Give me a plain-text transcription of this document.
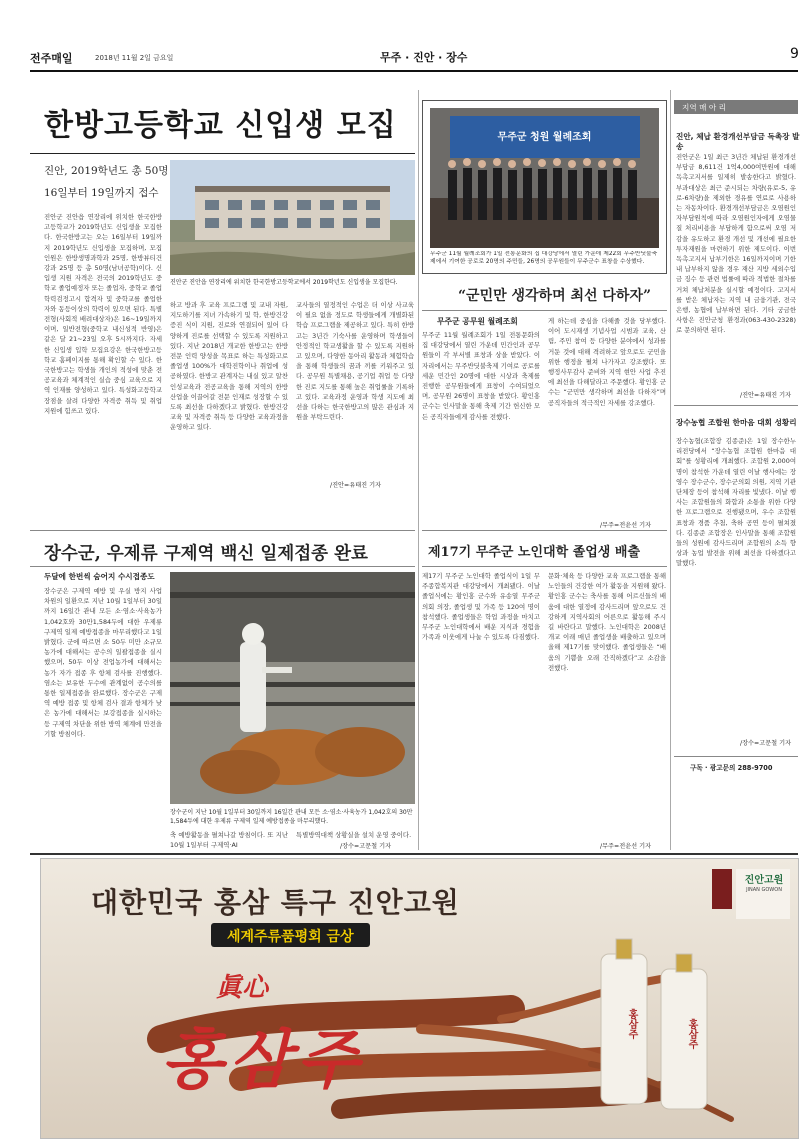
전주매일	2018년 11월 2일 금요일	무주 · 진안 · 장수	9
한방고등학교 신입생 모집
진안, 2019학년도 총 50명
16일부터 19일까지 접수
진안군 진안읍 연장리에 위치한 한국한방고등학교에서 2019학년도 신입생을 모집한다.
진안군 진안읍 연장리에 위치한 한국한방고등학교가 2019학년도 신입생을 모집한다. 한국한방고는 오는 16일부터 19일까지 2019학년도 신입생을 모집하며, 모집인원은 한방생명과학과 25명, 한방뷰티건강과 25명 등 총 50명(남녀공학)이다. 신입생 지원 자격은 전국의 2019학년도 중학교 졸업예정자 또는 졸업자, 중학교 졸업학력검정고시 합격자 및 중학교를 졸업한자와 동등이상의 학력이 있으면 된다. 특별전형(사회적 배려대상자)은 16~19일까지이며, 일반전형(중학교 내신성적 반영)은 같은 달 21~23일 오후 5시까지다. 자세한 신입생 입학 모집요강은 한국한방고등학교 홈페이지를 통해 확인할 수 있다. 한국한방고는 학생들 개인의 적성에 맞춘 전공교육과 체계적인 실습 중심 교육으로 지역 인재를 양성하고 있다. 특성화고등학교 장점을 살려 다양한 자격증 취득 및 취업 지원에 힘쓰고 있다.
하고 방과 후 교육 프로그램 및 교내 자원, 지도하기를 지녀 가속하기 및 학, 한방건강 증진 식이 지원, 진로와 연결되어 있어 다양하게 진로를 선택할 수 있도록 지원하고 있다. 지난 2018년 개교한 한방고는 한방 전문 인력 양성을 목표로 하는 특성화고로 졸업생 100%가 대학진학이나 취업에 성공하였다. 한방고 관계자는 내실 있고 알찬 인성교육과 전공교육을 통해 지역의 한방 산업을 이끌어갈 전문 인재로 성장할 수 있도록 최선을 다하겠다고 밝혔다. 한방건강교육 및 자격증 취득 등 다양한 교육과정을 운영하고 있다.
교사들의 열정적인 수업은 더 이상 사교육이 필요 없을 정도로 학생들에게 개별화된 학습 프로그램을 제공하고 있다. 특히 한방고는 3년간 기숙사를 운영하며 학생들이 안정적인 학교생활을 할 수 있도록 지원하고 있으며, 다양한 동아리 활동과 체험학습을 통해 학생들의 꿈과 끼를 키워주고 있다. 공무원 특별채용, 공기업 취업 등 다양한 진로 지도를 통해 높은 취업률을 기록하고 있다. 교육과정 운영과 학생 지도에 최선을 다하는 한국한방고의 많은 관심과 지원을 부탁드린다.
/진안=유태진 기자
장수군, 우제류 구제역 백신 일제접종 완료
두달에 한번씩 숨어지 수시접종도
장수군은 구제역 예방 및 우실 방지 사업 차원의 일환으로 지난 10월 1일부터 30일까지 16일간 관내 모든 소·염소·사육농가 1,042호와 30만1,584두에 대한 우제류 구제역 일제 예방접종을 마무리했다고 1일 밝혔다. 군에 따르면 소 50두 미만 소규모 농가에 대해서는 공수의 일괄접종을 실시했으며, 50두 이상 전업농가에 대해서는 농가 자가 접종 후 항체 검사를 진행했다. 염소는 보유한 두수에 관계없이 공수의를 통한 일제접종을 완료했다. 장수군은 구제역 예방 접종 및 항체 검사 결과 항체가 낮은 농가에 대해서는 보강접종을 실시하는 등 구제역 차단을 위한 방역 체계에 만전을 기할 방침이다.
장수군이 지난 10월 1일부터 30일까지 16일간 관내 모든 소·염소·사육농가 1,042호의 30만1,584두에 대한 우제류 구제역 일제 예방접종을 마무리했다.
축 예방활동을 펼쳐나갈 방침이다. 또 지난 10월 1일부터 구제역·AI
특별방역대책 상황실을 설치 운영 중이다.
/장수=고문철 기자
무주군 청원 월례조회
무주군 11월 월례조회가 1일 전통문화의 집 대강당에서 열린 가운데 제22회 무주반딧불축제에서 기여한 공로로 20명의 주민들, 26명의 공무원들이 무주군수 표창을 수상했다.
“군민만 생각하며 최선 다하자”
무주군 공무원 월례조회
무주군 11월 월례조회가 1일 전통문화의 집 대강당에서 열린 가운데 민간인과 공무원들이 각 부서별 표창과 상을 받았다. 이 자리에서는 무주반딧불축제 기여로 공로를 세운 민간인 20명에 대한 시상과 축제를 진행한 공무원들에게 표창이 수여되었으며, 공무원 26명이 표창을 받았다. 황인홍 군수는 인사말을 통해 축제 기간 헌신한 모든 공직자들에게 감사를 전했다.
게 하는데 중심을 다해줄 것을 당부했다. 이어 도시재생 기념사업 시범과 교육, 산림, 주민 참여 등 다양한 분야에서 성과를 거둔 것에 대해 격려하고 앞으로도 군민을 위한 행정을 펼쳐 나가자고 강조했다. 또 행정사무감사 준비와 지역 현안 사업 추진에 최선을 다해달라고 주문했다. 황인홍 군수는 “군민만 생각하며 최선을 다하자”며 공직자들의 적극적인 자세를 강조했다.
/무주=전윤선 기자
제17기 무주군 노인대학 졸업생 배출
제17기 무주군 노인대학 졸업식이 1일 무주종합복지관 대강당에서 개최됐다. 이날 졸업식에는 황인홍 군수와 유송열 무주군의회 의장, 졸업생 및 가족 등 120여 명이 참석했다. 졸업생들은 학업 과정을 마치고 무주군 노인대학에서 배운 지식과 경험을 가족과 이웃에게 나눌 수 있도록 다짐했다.
문화·체육 등 다양한 교육 프로그램을 통해 노인들의 건강한 여가 활동을 지원해 왔다. 황인홍 군수는 축사를 통해 어르신들의 배움에 대한 열정에 감사드리며 앞으로도 건강하게 지역사회의 어른으로 활동해 주시길 바란다고 말했다. 노인대학은 2008년 개교 이래 매년 졸업생을 배출하고 있으며 올해 제17기를 맞이했다. 졸업생들은 “배움의 기쁨을 오래 간직하겠다”고 소감을 전했다.
/무주=전윤선 기자
지역 매 아 리
진안, 체납 환경개선부담금 독촉장 발송
진안군은 1일 최근 3년간 체납된 환경개선부담금 8,611건 1억4,000여만원에 대해 독촉고지서를 일제히 발송한다고 밝혔다. 부과대상은 최근 준시되는 차량(유로-5, 유로-6차량)을 제외한 경유를 연료로 사용하는 자동차이다. 환경개선부담금은 오염원인자부담원칙에 따라 오염원인자에게 오염물질 처리비용을 부담하게 함으로써 오염 저감을 유도하고 환경 개선 및 개선에 필요한 투자재원을 마련하기 위한 제도이다. 이번 독촉고지서 납부기한은 16일까지이며 기한 내 납부하지 않을 경우 재산 지방 세외수입금 징수 등 관련 법률에 따라 적법한 절차를 거쳐 체납처분을 실시할 예정이다. 고지서를 받은 체납자는 지역 내 금융기관, 전국 은행, 농협에 납부하면 된다. 기타 궁금한 사항은 진안군청 환경과(063-430-2328)로 문의하면 된다.
/진안=유태진 기자
장수농협 조합원 한마음 대회 성황리
장수농협(조합장 김종준)은 1일 장수한누리전당에서 “장수농협 조합원 한마음 대회”를 성황리에 개최했다. 조합원 2,000여 명이 참석한 가운데 열린 이날 행사에는 장영수 장수군수, 장수군의회 의원, 지역 기관단체장 등이 참석해 자리를 빛냈다. 이날 행사는 조합원들의 화합과 소통을 위한 다양한 프로그램으로 진행됐으며, 우수 조합원 표창과 경품 추첨, 축하 공연 등이 펼쳐졌다. 김종준 조합장은 인사말을 통해 조합원들의 성원에 감사드리며 조합원의 소득 향상과 농업 발전을 위해 최선을 다하겠다고 말했다.
/장수=고문철 기자
구독 · 광고문의 288-9700
대한민국 홍삼 특구 진안고원
세계주류품평회 금상
眞心
홍삼주
진안고원
JINAN GOWON
홍삼주	홍삼주
